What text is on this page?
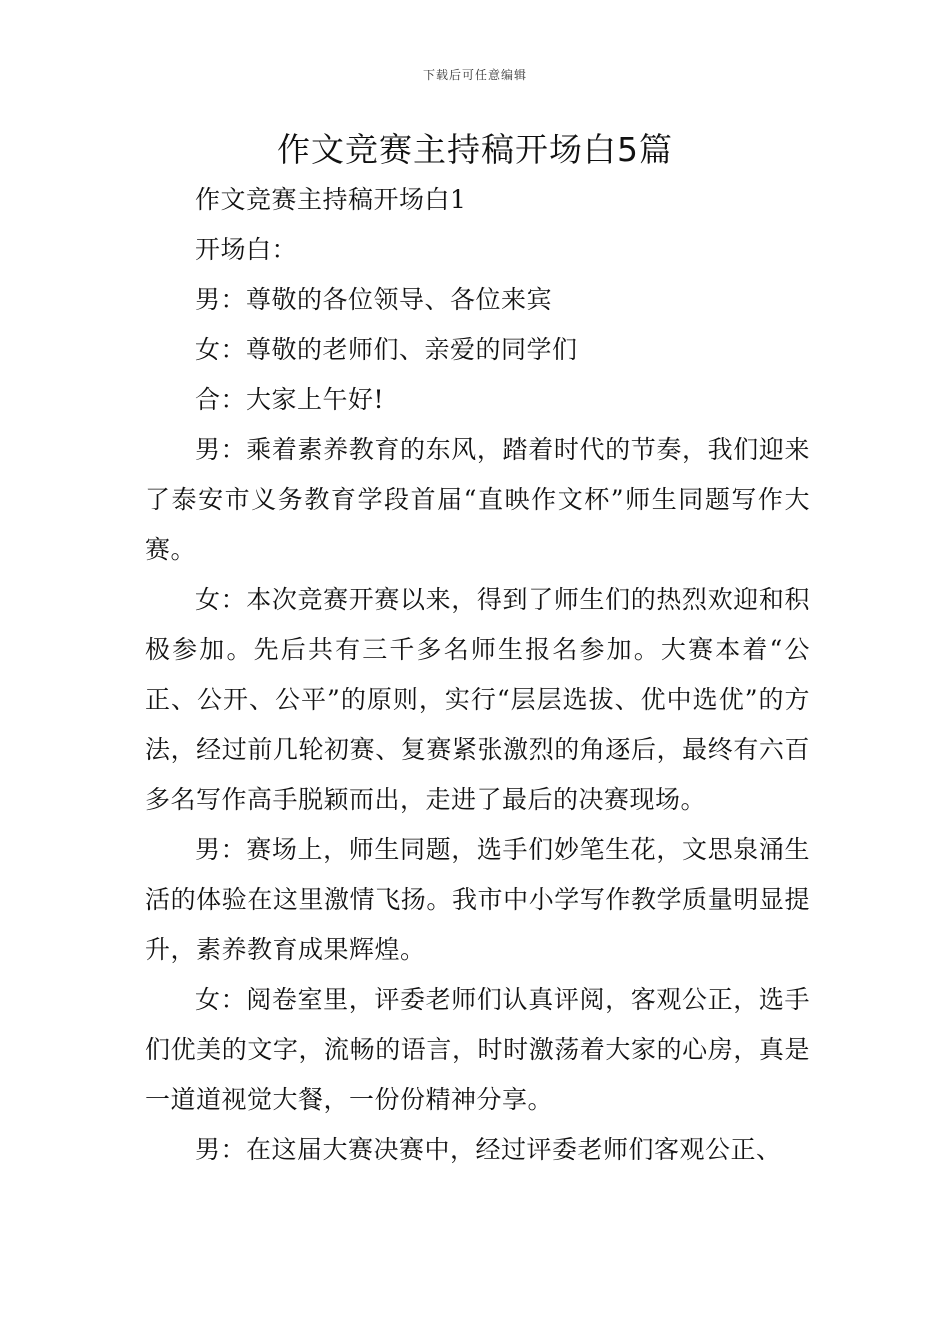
下载后可任意编辑
作文竞赛主持稿开场白5篇

作文竞赛主持稿开场白1

开场白：

男：尊敬的各位领导、各位来宾

女：尊敬的老师们、亲爱的同学们

合：大家上午好!

男：乘着素养教育的东风，踏着时代的节奏，我们迎来了泰安市义务教育学段首届“直映作文杯”师生同题写作大赛。

女：本次竞赛开赛以来，得到了师生们的热烈欢迎和积极参加。先后共有三千多名师生报名参加。大赛本着“公正、公开、公平”的原则，实行“层层选拔、优中选优”的方法，经过前几轮初赛、复赛紧张激烈的角逐后，最终有六百多名写作高手脱颖而出，走进了最后的决赛现场。

男：赛场上，师生同题，选手们妙笔生花，文思泉涌生活的体验在这里激情飞扬。我市中小学写作教学质量明显提升，素养教育成果辉煌。

女：阅卷室里，评委老师们认真评阅，客观公正，选手们优美的文字，流畅的语言，时时激荡着大家的心房，真是一道道视觉大餐，一份份精神分享。

男：在这届大赛决赛中，经过评委老师们客观公正、
